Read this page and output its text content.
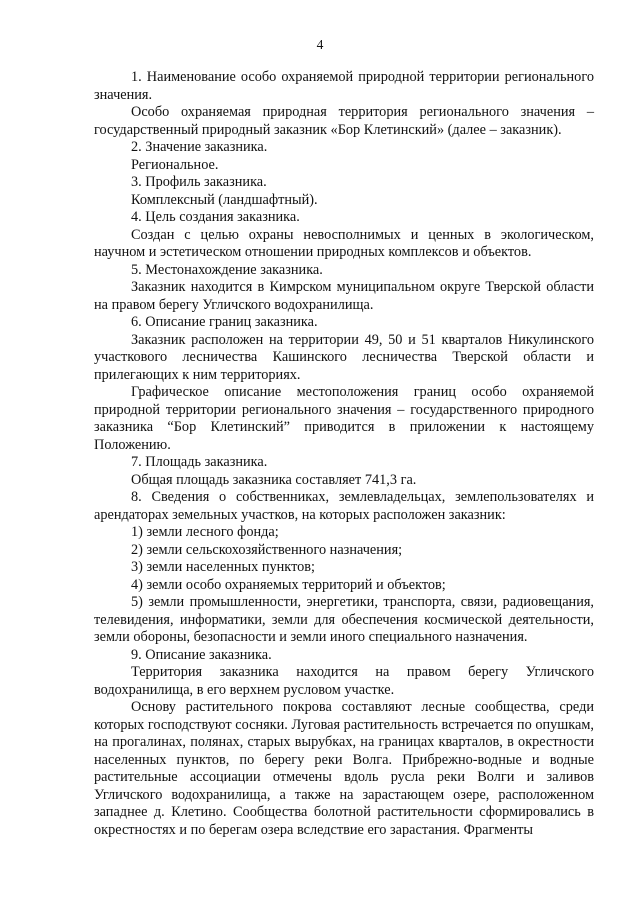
4

1. Наименование особо охраняемой природной территории регионального значения.

Особо охраняемая природная территория регионального значения – государственный природный заказник «Бор Клетинский» (далее – заказник).

2. Значение заказника.

Региональное.

3. Профиль заказника.

Комплексный (ландшафтный).

4. Цель создания заказника.

Создан с целью охраны невосполнимых и ценных в экологическом, научном и эстетическом отношении природных комплексов и объектов.

5. Местонахождение заказника.

Заказник находится в Кимрском муниципальном округе Тверской области на правом берегу Угличского водохранилища.

6. Описание границ заказника.

Заказник расположен на территории 49, 50 и 51 кварталов Никулинского участкового лесничества Кашинского лесничества Тверской области и прилегающих к ним территориях.

Графическое описание местоположения границ особо охраняемой природной территории регионального значения – государственного природного заказника “Бор Клетинский” приводится в приложении к настоящему Положению.

7. Площадь заказника.

Общая площадь заказника составляет 741,3 га.

8. Сведения о собственниках, землевладельцах, землепользователях и арендаторах земельных участков, на которых расположен заказник:

1) земли лесного фонда;

2) земли сельскохозяйственного назначения;

3) земли населенных пунктов;

4) земли особо охраняемых территорий и объектов;

5) земли промышленности, энергетики, транспорта, связи, радиовещания, телевидения, информатики, земли для обеспечения космической деятельности, земли обороны, безопасности и земли иного специального назначения.

9. Описание заказника.

Территория заказника находится на правом берегу Угличского водохранилища, в его верхнем русловом участке.

Основу растительного покрова составляют лесные сообщества, среди которых господствуют сосняки. Луговая растительность встречается по опушкам, на прогалинах, полянах, старых вырубках, на границах кварталов, в окрестности населенных пунктов, по берегу реки Волга. Прибрежно-водные и водные растительные ассоциации отмечены вдоль русла реки Волги и заливов Угличского водохранилища, а также на зарастающем озере, расположенном западнее д. Клетино. Сообщества болотной растительности сформировались в окрестностях и по берегам озера вследствие его зарастания. Фрагменты
